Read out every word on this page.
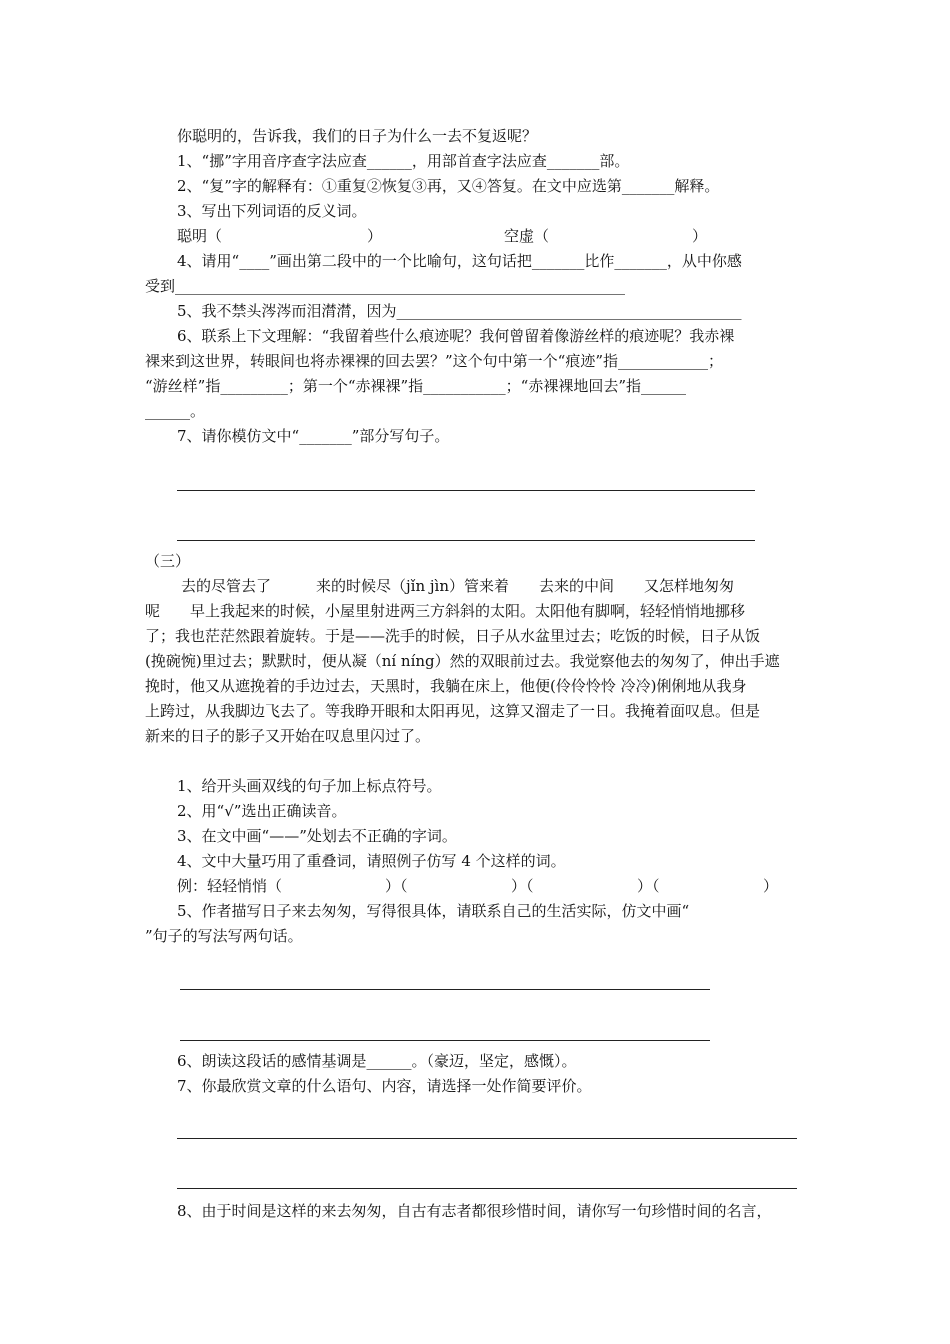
你聪明的，告诉我，我们的日子为什么一去不复返呢？
1、“挪”字用音序查字法应查______，用部首查字法应查_______部。
2、“复”字的解释有：①重复②恢复③再，又④答复。在文中应选第_______解释。
3、写出下列词语的反义词。
聪明（	）	空虚（	）
4、请用“____”画出第二段中的一个比喻句，这句话把_______比作_______，从中你感
受到____________________________________________________________
5、我不禁头涔涔而泪潸潸，因为______________________________________________
6、联系上下文理解：“我留着些什么痕迹呢？我何曾留着像游丝样的痕迹呢？我赤裸
裸来到这世界，转眼间也将赤裸裸的回去罢？”这个句中第一个“痕迹”指____________；
“游丝样”指_________；第一个“赤裸裸”指___________；“赤裸裸地回去”指______
______。
7、请你模仿文中“_______”部分写句子。
（三）
去的尽管去了　　　来的时候尽（jǐn jìn）管来着　　去来的中间　　又怎样地匆匆
呢　　早上我起来的时候，小屋里射进两三方斜斜的太阳。太阳他有脚啊，轻轻悄悄地挪移
了；我也茫茫然跟着旋转。于是——洗手的时候，日子从水盆里过去；吃饭的时候，日子从饭
(挽碗惋)里过去；默默时，便从凝（ní níng）然的双眼前过去。我觉察他去的匆匆了，伸出手遮
挽时，他又从遮挽着的手边过去，天黑时，我躺在床上，他便(伶伶怜怜 冷冷)俐俐地从我身
上跨过，从我脚边飞去了。等我睁开眼和太阳再见，这算又溜走了一日。我掩着面叹息。但是
新来的日子的影子又开始在叹息里闪过了。
1、给开头画双线的句子加上标点符号。
2、用“√”选出正确读音。
3、在文中画“——”处划去不正确的字词。
4、文中大量巧用了重叠词，请照例子仿写 4 个这样的词。
例：轻轻悄悄（	）（	）（	）（	）
5、作者描写日子来去匆匆，写得很具体，请联系自己的生活实际，仿文中画“
”句子的写法写两句话。
6、朗读这段话的感情基调是______。（豪迈，坚定，感慨）。
7、你最欣赏文章的什么语句、内容，请选择一处作简要评价。
8、由于时间是这样的来去匆匆，自古有志者都很珍惜时间，请你写一句珍惜时间的名言，
